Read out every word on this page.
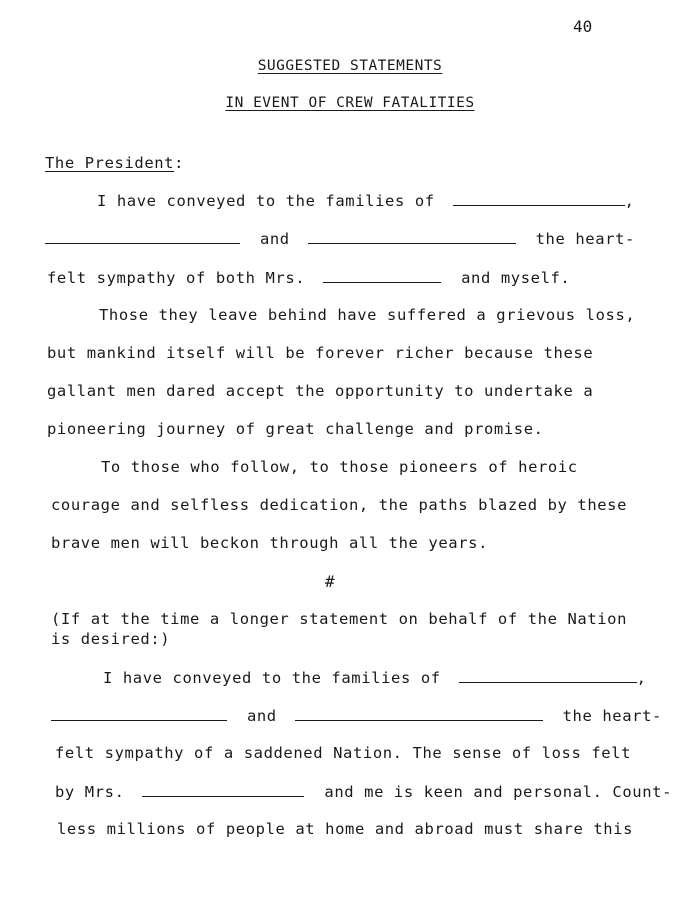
40
SUGGESTED STATEMENTS
IN EVENT OF CREW FATALITIES
The President:
I have conveyed to the families of	,
and	the heart-
felt sympathy of both Mrs.	and myself.
Those they leave behind have suffered a grievous loss,
but mankind itself will be forever richer because these
gallant men dared accept the opportunity to undertake a
pioneering journey of great challenge and promise.
To those who follow, to those pioneers of heroic
courage and selfless dedication, the paths blazed by these
brave men will beckon through all the years.
#
(If at the time a longer statement on behalf of the Nation
is desired:)
I have conveyed to the families of	,
and	the heart-
felt sympathy of a saddened Nation. The sense of loss felt
by Mrs.	and me is keen and personal. Count-
less millions of people at home and abroad must share this
